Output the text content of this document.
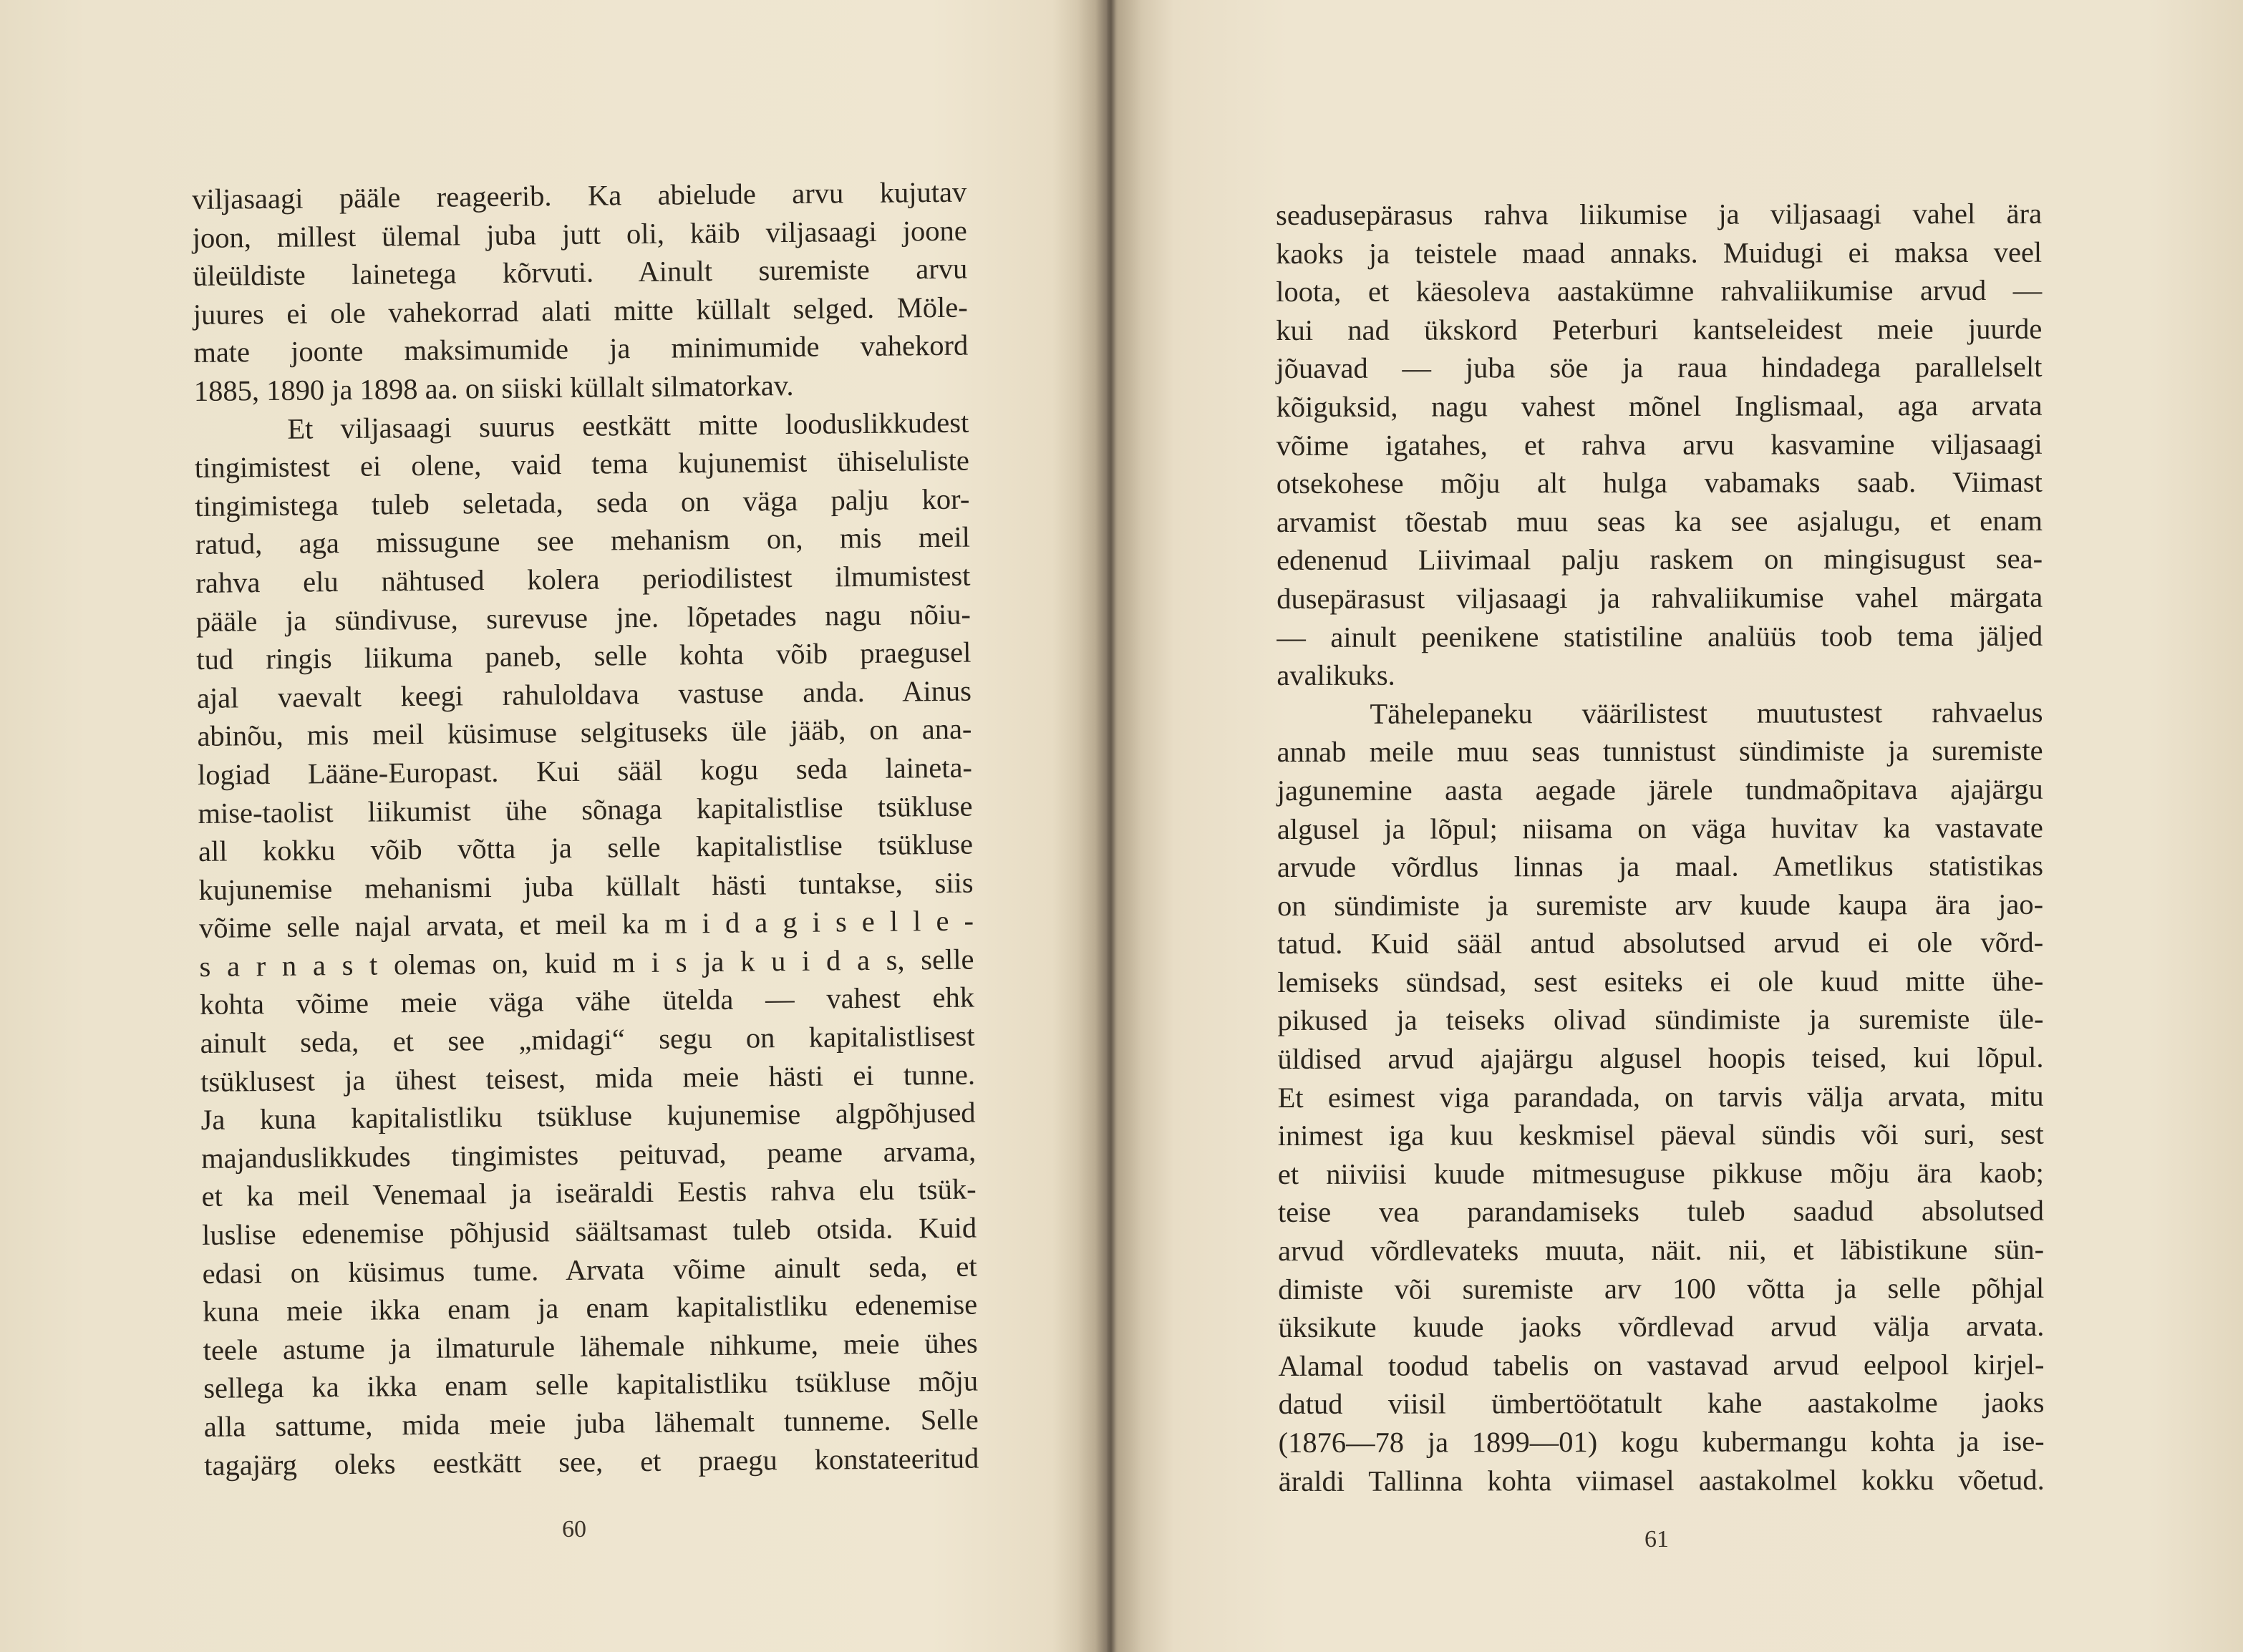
viljasaagi pääle reageerib. Ka abielude arvu kujutav
joon, millest ülemal juba jutt oli, käib viljasaagi joone
üleüldiste lainetega kõrvuti. Ainult suremiste arvu
juures ei ole vahekorrad alati mitte küllalt selged. Möle-
mate joonte maksimumide ja minimumide vahekord
1885, 1890 ja 1898 aa. on siiski küllalt silmatorkav.
Et viljasaagi suurus eestkätt mitte looduslikkudest
tingimistest ei olene, vaid tema kujunemist ühiseluliste
tingimistega tuleb seletada, seda on väga palju kor-
ratud, aga missugune see mehanism on, mis meil
rahva elu nähtused kolera periodilistest ilmumistest
pääle ja sündivuse, surevuse jne. lõpetades nagu nõiu-
tud ringis liikuma paneb, selle kohta võib praegusel
ajal vaevalt keegi rahuloldava vastuse anda. Ainus
abinõu, mis meil küsimuse selgituseks üle jääb, on ana-
logiad Lääne-Europast. Kui sääl kogu seda laineta-
mise-taolist liikumist ühe sõnaga kapitalistlise tsükluse
all kokku võib võtta ja selle kapitalistlise tsükluse
kujunemise mehanismi juba küllalt hästi tuntakse, siis
võime selle najal arvata, et meil ka m i d a g i s e l l e -
s a r n a s t olemas on, kuid m i s ja k u i d a s, selle
kohta võime meie väga vähe ütelda — vahest ehk
ainult seda, et see „midagi“ segu on kapitalistlisest
tsüklusest ja ühest teisest, mida meie hästi ei tunne.
Ja kuna kapitalistliku tsükluse kujunemise algpõhjused
majanduslikkudes tingimistes peituvad, peame arvama,
et ka meil Venemaal ja iseäraldi Eestis rahva elu tsük-
luslise edenemise põhjusid säältsamast tuleb otsida. Kuid
edasi on küsimus tume. Arvata võime ainult seda, et
kuna meie ikka enam ja enam kapitalistliku edenemise
teele astume ja ilmaturule lähemale nihkume, meie ühes
sellega ka ikka enam selle kapitalistliku tsükluse mõju
alla sattume, mida meie juba lähemalt tunneme. Selle
tagajärg oleks eestkätt see, et praegu konstateeritud
60
seadusepärasus rahva liikumise ja viljasaagi vahel ära
kaoks ja teistele maad annaks. Muidugi ei maksa veel
loota, et käesoleva aastakümne rahvaliikumise arvud —
kui nad ükskord Peterburi kantseleidest meie juurde
jõuavad — juba söe ja raua hindadega parallelselt
kõiguksid, nagu vahest mõnel Inglismaal, aga arvata
võime igatahes, et rahva arvu kasvamine viljasaagi
otsekohese mõju alt hulga vabamaks saab. Viimast
arvamist tõestab muu seas ka see asjalugu, et enam
edenenud Liivimaal palju raskem on mingisugust sea-
dusepärasust viljasaagi ja rahvaliikumise vahel märgata
— ainult peenikene statistiline analüüs toob tema jäljed
avalikuks.
Tähelepaneku väärilistest muutustest rahvaelus
annab meile muu seas tunnistust sündimiste ja suremiste
jagunemine aasta aegade järele tundmaõpitava ajajärgu
algusel ja lõpul; niisama on väga huvitav ka vastavate
arvude võrdlus linnas ja maal. Ametlikus statistikas
on sündimiste ja suremiste arv kuude kaupa ära jao-
tatud. Kuid sääl antud absolutsed arvud ei ole võrd-
lemiseks sündsad, sest esiteks ei ole kuud mitte ühe-
pikused ja teiseks olivad sündimiste ja suremiste üle-
üldised arvud ajajärgu algusel hoopis teised, kui lõpul.
Et esimest viga parandada, on tarvis välja arvata, mitu
inimest iga kuu keskmisel päeval sündis või suri, sest
et niiviisi kuude mitmesuguse pikkuse mõju ära kaob;
teise vea parandamiseks tuleb saadud absolutsed
arvud võrdlevateks muuta, näit. nii, et läbistikune sün-
dimiste või suremiste arv 100 võtta ja selle põhjal
üksikute kuude jaoks võrdlevad arvud välja arvata.
Alamal toodud tabelis on vastavad arvud eelpool kirjel-
datud viisil ümbertöötatult kahe aastakolme jaoks
(1876—78 ja 1899—01) kogu kubermangu kohta ja ise-
äraldi Tallinna kohta viimasel aastakolmel kokku võetud.
61
